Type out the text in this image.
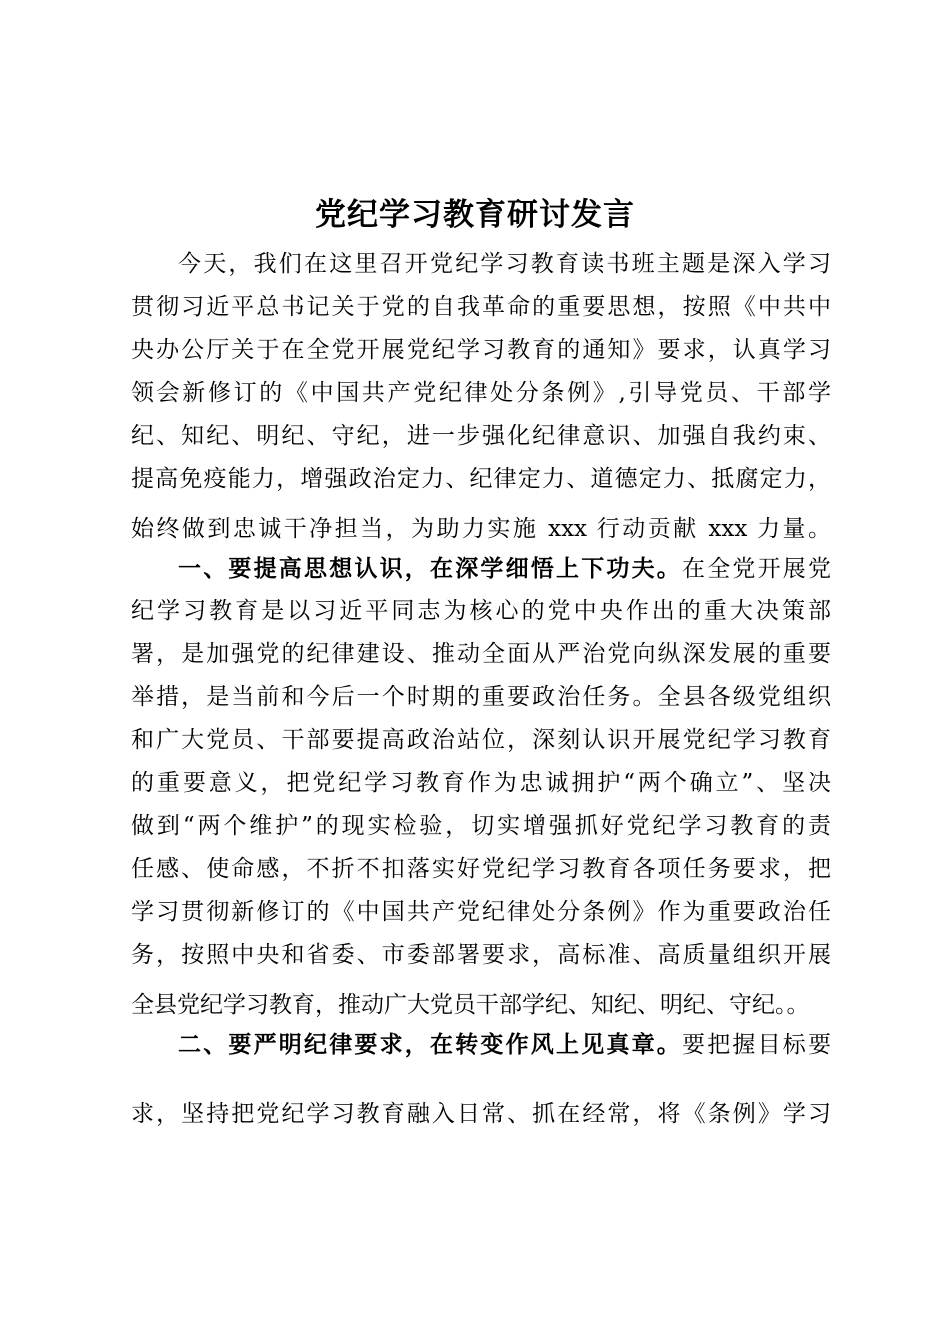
党纪学习教育研讨发言
今天，我们在这里召开党纪学习教育读书班主题是深入学习
贯彻习近平总书记关于党的自我革命的重要思想，按照《中共中
央办公厅关于在全党开展党纪学习教育的通知》要求，认真学习
领会新修订的《中国共产党纪律处分条例》,引导党员、干部学
纪、知纪、明纪、守纪，进一步强化纪律意识、加强自我约束、
提高免疫能力，增强政治定力、纪律定力、道德定力、抵腐定力，
始终做到忠诚干净担当，为助力实施 xxx 行动贡献 xxx 力量。
一、要提高思想认识，在深学细悟上下功夫。在全党开展党
纪学习教育是以习近平同志为核心的党中央作出的重大决策部
署，是加强党的纪律建设、推动全面从严治党向纵深发展的重要
举措，是当前和今后一个时期的重要政治任务。全县各级党组织
和广大党员、干部要提高政治站位，深刻认识开展党纪学习教育
的重要意义，把党纪学习教育作为忠诚拥护“两个确立”、坚决
做到“两个维护”的现实检验，切实增强抓好党纪学习教育的责
任感、使命感，不折不扣落实好党纪学习教育各项任务要求，把
学习贯彻新修订的《中国共产党纪律处分条例》作为重要政治任
务，按照中央和省委、市委部署要求，高标准、高质量组织开展
全县党纪学习教育，推动广大党员干部学纪、知纪、明纪、守纪。。
二、要严明纪律要求，在转变作风上见真章。要把握目标要
求，坚持把党纪学习教育融入日常、抓在经常，将《条例》学习
